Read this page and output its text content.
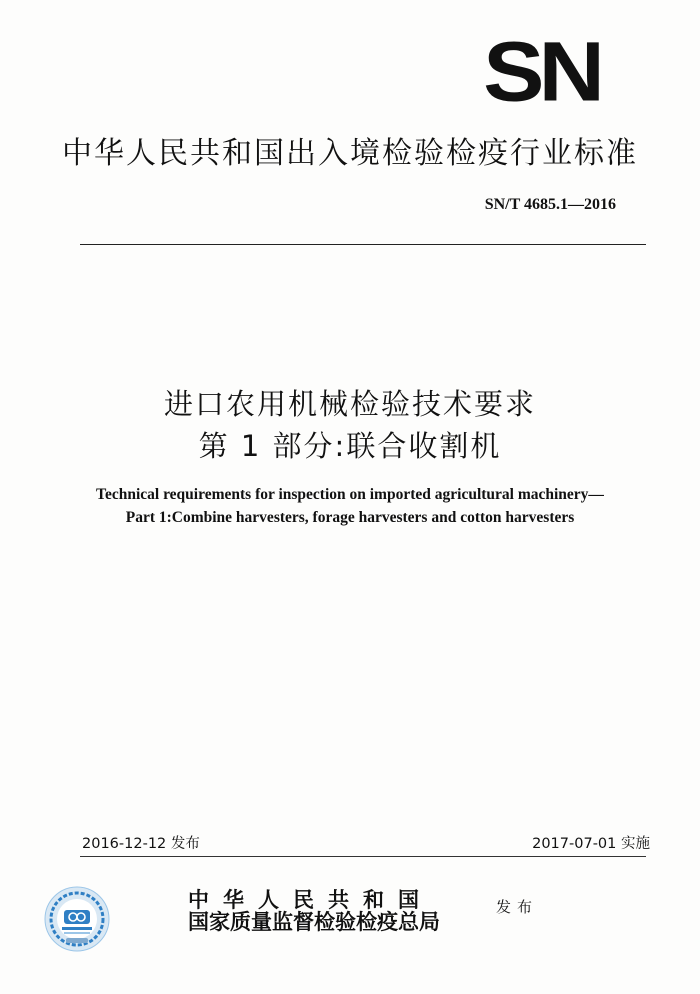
SN
中华人民共和国出入境检验检疫行业标准
SN/T 4685.1—2016
进口农用机械检验技术要求
第 1 部分:联合收割机
Technical requirements for inspection on imported agricultural machinery—
Part 1:Combine harvesters, forage harvesters and cotton harvesters
2016-12-12 发布	2017-07-01 实施
中华人民共和国
国家质量监督检验检疫总局
发布
